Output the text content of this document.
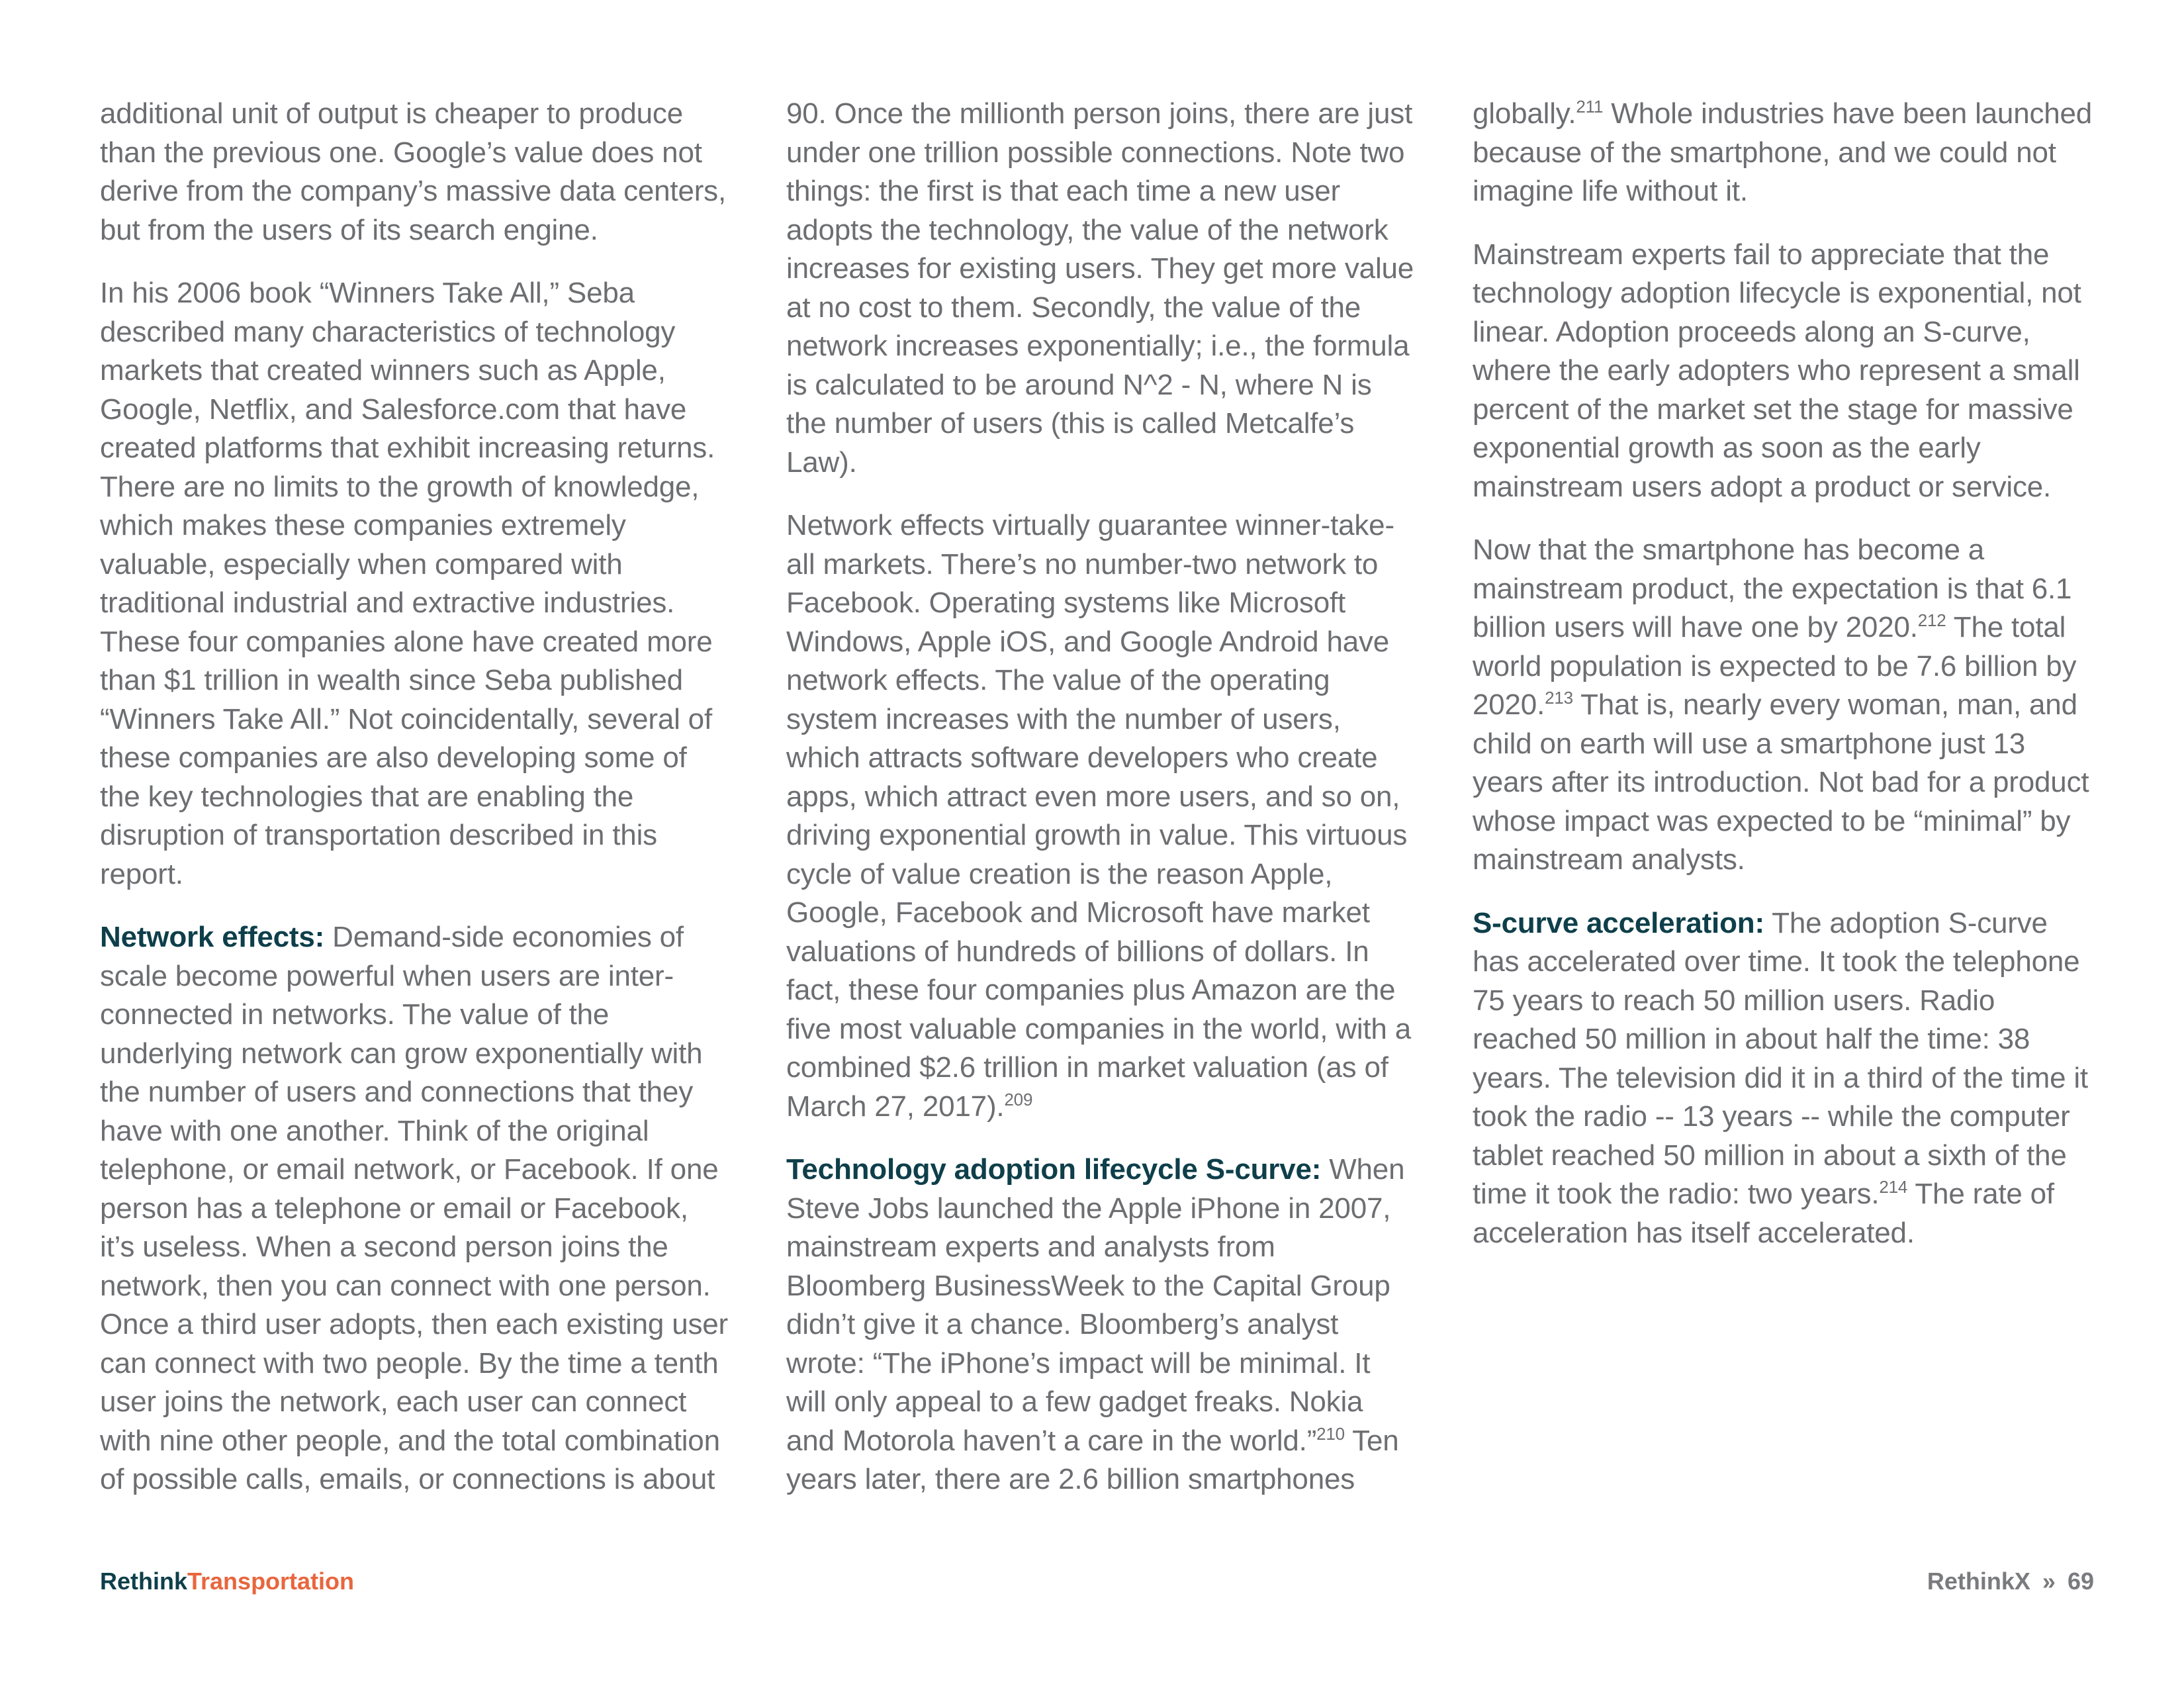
additional unit of output is cheaper to produce than the previous one. Google’s value does not derive from the company’s massive data centers, but from the users of its search engine.

In his 2006 book “Winners Take All,” Seba described many characteristics of technology markets that created winners such as Apple, Google, Netflix, and Salesforce.com that have created platforms that exhibit increasing returns. There are no limits to the growth of knowledge, which makes these companies extremely valuable, especially when compared with traditional industrial and extractive industries. These four companies alone have created more than $1 trillion in wealth since Seba published “Winners Take All.” Not coincidentally, several of these companies are also developing some of the key technologies that are enabling the disruption of transportation described in this report.

Network effects: Demand-side economies of scale become powerful when users are inter-connected in networks. The value of the underlying network can grow exponentially with the number of users and connections that they have with one another. Think of the original telephone, or email network, or Facebook. If one person has a telephone or email or Facebook, it’s useless. When a second person joins the network, then you can connect with one person. Once a third user adopts, then each existing user can connect with two people. By the time a tenth user joins the network, each user can connect with nine other people, and the total combination of possible calls, emails, or connections is about

90. Once the millionth person joins, there are just under one trillion possible connections. Note two things: the first is that each time a new user adopts the technology, the value of the network increases for existing users. They get more value at no cost to them. Secondly, the value of the network increases exponentially; i.e., the formula is calculated to be around N^2 - N, where N is the number of users (this is called Metcalfe’s Law).

Network effects virtually guarantee winner-take-all markets. There’s no number-two network to Facebook. Operating systems like Microsoft Windows, Apple iOS, and Google Android have network effects. The value of the operating system increases with the number of users, which attracts software developers who create apps, which attract even more users, and so on, driving exponential growth in value. This virtuous cycle of value creation is the reason Apple, Google, Facebook and Microsoft have market valuations of hundreds of billions of dollars. In fact, these four companies plus Amazon are the five most valuable companies in the world, with a combined $2.6 trillion in market valuation (as of March 27, 2017).$^{209}$

Technology adoption lifecycle S-curve: When Steve Jobs launched the Apple iPhone in 2007, mainstream experts and analysts from Bloomberg BusinessWeek to the Capital Group didn’t give it a chance. Bloomberg’s analyst wrote: “The iPhone’s impact will be minimal. It will only appeal to a few gadget freaks. Nokia and Motorola haven’t a care in the world.”$^{210}$ Ten years later, there are 2.6 billion smartphones

globally.$^{211}$ Whole industries have been launched because of the smartphone, and we could not imagine life without it.

Mainstream experts fail to appreciate that the technology adoption lifecycle is exponential, not linear. Adoption proceeds along an S-curve, where the early adopters who represent a small percent of the market set the stage for massive exponential growth as soon as the early mainstream users adopt a product or service.

Now that the smartphone has become a mainstream product, the expectation is that 6.1 billion users will have one by 2020.$^{212}$ The total world population is expected to be 7.6 billion by 2020.$^{213}$ That is, nearly every woman, man, and child on earth will use a smartphone just 13 years after its introduction. Not bad for a product whose impact was expected to be “minimal” by mainstream analysts.

S-curve acceleration: The adoption S-curve has accelerated over time. It took the telephone 75 years to reach 50 million users. Radio reached 50 million in about half the time: 38 years. The television did it in a third of the time it took the radio -- 13 years -- while the computer tablet reached 50 million in about a sixth of the time it took the radio: two years.$^{214}$ The rate of acceleration has itself accelerated.

RethinkTransportation	RethinkX » 69
